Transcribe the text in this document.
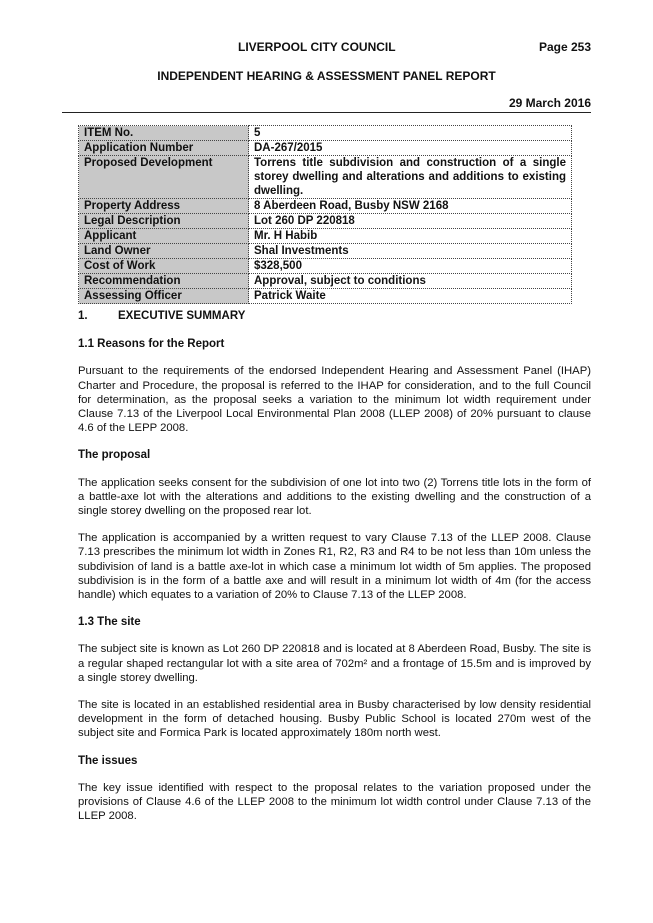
LIVERPOOL CITY COUNCIL	Page 253
INDEPENDENT HEARING & ASSESSMENT PANEL REPORT
29 March 2016
ITEM No.	5
Application Number	DA-267/2015
Proposed Development	Torrens title subdivision and construction of a single storey dwelling and alterations and additions to existing dwelling.
Property Address	8 Aberdeen Road, Busby NSW 2168
Legal Description	Lot 260 DP 220818
Applicant	Mr. H Habib
Land Owner	Shal Investments
Cost of Work	$328,500
Recommendation	Approval, subject to conditions
Assessing Officer	Patrick Waite
1.	EXECUTIVE SUMMARY
1.1 Reasons for the Report

Pursuant to the requirements of the endorsed Independent Hearing and Assessment Panel (IHAP) Charter and Procedure, the proposal is referred to the IHAP for consideration, and to the full Council for determination, as the proposal seeks a variation to the minimum lot width requirement under Clause 7.13 of the Liverpool Local Environmental Plan 2008 (LLEP 2008) of 20% pursuant to clause 4.6 of the LEPP 2008.

The proposal

The application seeks consent for the subdivision of one lot into two (2) Torrens title lots in the form of a battle-axe lot with the alterations and additions to the existing dwelling and the construction of a single storey dwelling on the proposed rear lot.

The application is accompanied by a written request to vary Clause 7.13 of the LLEP 2008. Clause 7.13 prescribes the minimum lot width in Zones R1, R2, R3 and R4 to be not less than 10m unless the subdivision of land is a battle axe-lot in which case a minimum lot width of 5m applies. The proposed subdivision is in the form of a battle axe and will result in a minimum lot width of 4m (for the access handle) which equates to a variation of 20% to Clause 7.13 of the LLEP 2008.

1.3 The site

The subject site is known as Lot 260 DP 220818 and is located at 8 Aberdeen Road, Busby. The site is a regular shaped rectangular lot with a site area of 702m² and a frontage of 15.5m and is improved by a single storey dwelling.

The site is located in an established residential area in Busby characterised by low density residential development in the form of detached housing. Busby Public School is located 270m west of the subject site and Formica Park is located approximately 180m north west.

The issues

The key issue identified with respect to the proposal relates to the variation proposed under the provisions of Clause 4.6 of the LLEP 2008 to the minimum lot width control under Clause 7.13 of the LLEP 2008.
